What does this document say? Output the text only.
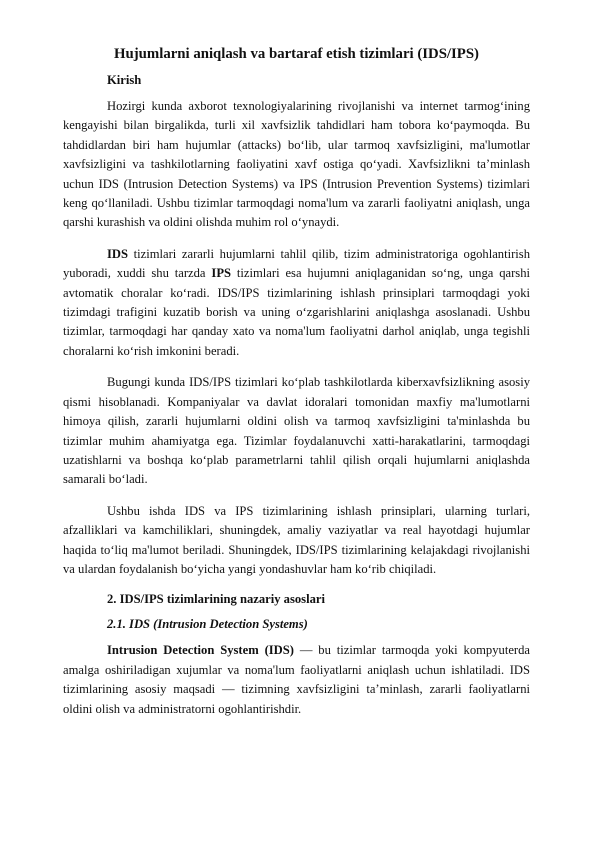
Hujumlarni aniqlash va bartaraf etish tizimlari (IDS/IPS)
Kirish

Hozirgi kunda axborot texnologiyalarining rivojlanishi va internet tarmog‘ining kengayishi bilan birgalikda, turli xil xavfsizlik tahdidlari ham tobora ko‘paymoqda. Bu tahdidlardan biri ham hujumlar (attacks) bo‘lib, ular tarmoq xavfsizligini, ma'lumotlar xavfsizligini va tashkilotlarning faoliyatini xavf ostiga qo‘yadi. Xavfsizlikni ta’minlash uchun IDS (Intrusion Detection Systems) va IPS (Intrusion Prevention Systems) tizimlari keng qo‘llaniladi. Ushbu tizimlar tarmoqdagi noma'lum va zararli faoliyatni aniqlash, unga qarshi kurashish va oldini olishda muhim rol o‘ynaydi.

IDS tizimlari zararli hujumlarni tahlil qilib, tizim administratoriga ogohlantirish yuboradi, xuddi shu tarzda IPS tizimlari esa hujumni aniqlaganidan so‘ng, unga qarshi avtomatik choralar ko‘radi. IDS/IPS tizimlarining ishlash prinsiplari tarmoqdagi yoki tizimdagi trafigini kuzatib borish va uning o‘zgarishlarini aniqlashga asoslanadi. Ushbu tizimlar, tarmoqdagi har qanday xato va noma'lum faoliyatni darhol aniqlab, unga tegishli choralarni ko‘rish imkonini beradi.

Bugungi kunda IDS/IPS tizimlari ko‘plab tashkilotlarda kiberxavfsizlikning asosiy qismi hisoblanadi. Kompaniyalar va davlat idoralari tomonidan maxfiy ma'lumotlarni himoya qilish, zararli hujumlarni oldini olish va tarmoq xavfsizligini ta'minlashda bu tizimlar muhim ahamiyatga ega. Tizimlar foydalanuvchi xatti-harakatlarini, tarmoqdagi uzatishlarni va boshqa ko‘plab parametrlarni tahlil qilish orqali hujumlarni aniqlashda samarali bo‘ladi.

Ushbu ishda IDS va IPS tizimlarining ishlash prinsiplari, ularning turlari, afzalliklari va kamchiliklari, shuningdek, amaliy vaziyatlar va real hayotdagi hujumlar haqida to‘liq ma'lumot beriladi. Shuningdek, IDS/IPS tizimlarining kelajakdagi rivojlanishi va ulardan foydalanish bo‘yicha yangi yondashuvlar ham ko‘rib chiqiladi.

2. IDS/IPS tizimlarining nazariy asoslari
2.1. IDS (Intrusion Detection Systems)

Intrusion Detection System (IDS) — bu tizimlar tarmoqda yoki kompyuterda amalga oshiriladigan xujumlar va noma'lum faoliyatlarni aniqlash uchun ishlatiladi. IDS tizimlarining asosiy maqsadi — tizimning xavfsizligini ta’minlash, zararli faoliyatlarni oldini olish va administratorni ogohlantirishdir.
